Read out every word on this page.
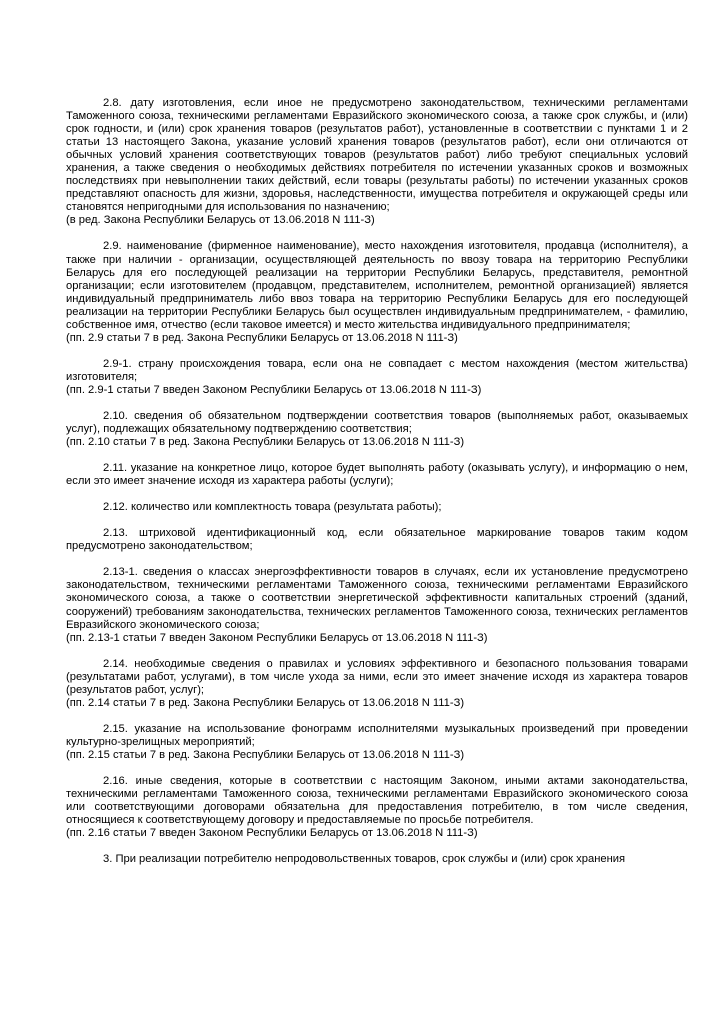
2.8. дату изготовления, если иное не предусмотрено законодательством, техническими регламентами Таможенного союза, техническими регламентами Евразийского экономического союза, а также срок службы, и (или) срок годности, и (или) срок хранения товаров (результатов работ), установленные в соответствии с пунктами 1 и 2 статьи 13 настоящего Закона, указание условий хранения товаров (результатов работ), если они отличаются от обычных условий хранения соответствующих товаров (результатов работ) либо требуют специальных условий хранения, а также сведения о необходимых действиях потребителя по истечении указанных сроков и возможных последствиях при невыполнении таких действий, если товары (результаты работы) по истечении указанных сроков представляют опасность для жизни, здоровья, наследственности, имущества потребителя и окружающей среды или становятся непригодными для использования по назначению;

(в ред. Закона Республики Беларусь от 13.06.2018 N 111-З)

2.9. наименование (фирменное наименование), место нахождения изготовителя, продавца (исполнителя), а также при наличии - организации, осуществляющей деятельность по ввозу товара на территорию Республики Беларусь для его последующей реализации на территории Республики Беларусь, представителя, ремонтной организации; если изготовителем (продавцом, представителем, исполнителем, ремонтной организацией) является индивидуальный предприниматель либо ввоз товара на территорию Республики Беларусь для его последующей реализации на территории Республики Беларусь был осуществлен индивидуальным предпринимателем, - фамилию, собственное имя, отчество (если таковое имеется) и место жительства индивидуального предпринимателя;

(пп. 2.9 статьи 7 в ред. Закона Республики Беларусь от 13.06.2018 N 111-З)

2.9-1. страну происхождения товара, если она не совпадает с местом нахождения (местом жительства) изготовителя;

(пп. 2.9-1 статьи 7 введен Законом Республики Беларусь от 13.06.2018 N 111-З)

2.10. сведения об обязательном подтверждении соответствия товаров (выполняемых работ, оказываемых услуг), подлежащих обязательному подтверждению соответствия;

(пп. 2.10 статьи 7 в ред. Закона Республики Беларусь от 13.06.2018 N 111-З)

2.11. указание на конкретное лицо, которое будет выполнять работу (оказывать услугу), и информацию о нем, если это имеет значение исходя из характера работы (услуги);

2.12. количество или комплектность товара (результата работы);

2.13. штриховой идентификационный код, если обязательное маркирование товаров таким кодом предусмотрено законодательством;

2.13-1. сведения о классах энергоэффективности товаров в случаях, если их установление предусмотрено законодательством, техническими регламентами Таможенного союза, техническими регламентами Евразийского экономического союза, а также о соответствии энергетической эффективности капитальных строений (зданий, сооружений) требованиям законодательства, технических регламентов Таможенного союза, технических регламентов Евразийского экономического союза;

(пп. 2.13-1 статьи 7 введен Законом Республики Беларусь от 13.06.2018 N 111-З)

2.14. необходимые сведения о правилах и условиях эффективного и безопасного пользования товарами (результатами работ, услугами), в том числе ухода за ними, если это имеет значение исходя из характера товаров (результатов работ, услуг);

(пп. 2.14 статьи 7 в ред. Закона Республики Беларусь от 13.06.2018 N 111-З)

2.15. указание на использование фонограмм исполнителями музыкальных произведений при проведении культурно-зрелищных мероприятий;

(пп. 2.15 статьи 7 в ред. Закона Республики Беларусь от 13.06.2018 N 111-З)

2.16. иные сведения, которые в соответствии с настоящим Законом, иными актами законодательства, техническими регламентами Таможенного союза, техническими регламентами Евразийского экономического союза или соответствующими договорами обязательна для предоставления потребителю, в том числе сведения, относящиеся к соответствующему договору и предоставляемые по просьбе потребителя.

(пп. 2.16 статьи 7 введен Законом Республики Беларусь от 13.06.2018 N 111-З)

3. При реализации потребителю непродовольственных товаров, срок службы и (или) срок хранения
